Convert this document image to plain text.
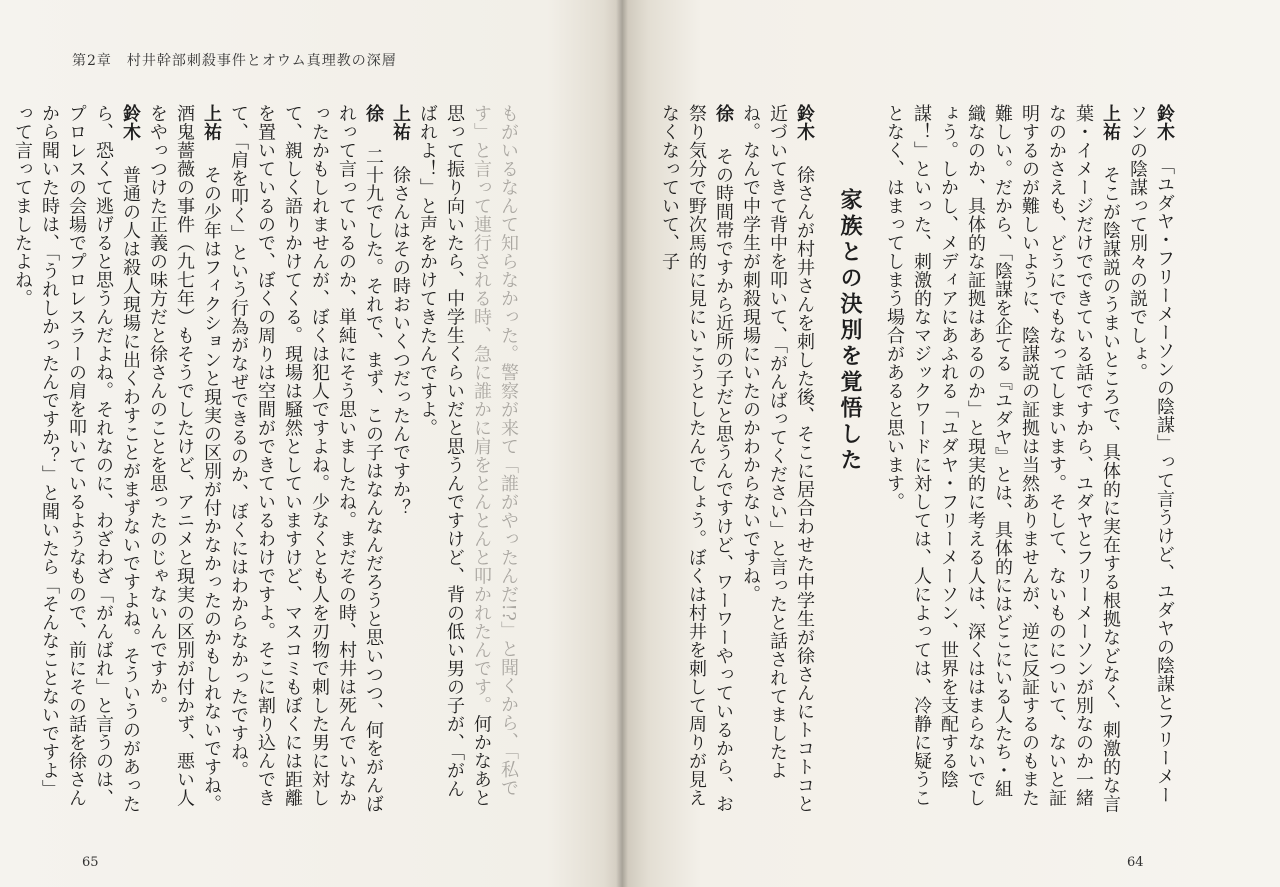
第2章　村井幹部刺殺事件とオウム真理教の深層

もがいるなんて知らなかった。警察が来て「誰がやったんだ!?」と聞くから、「私です」と言って連行される時、急に誰かに肩をとんとんと叩かれたんです。何かなあと思って振り向いたら、中学生くらいだと思うんですけど、背の低い男の子が、「がんばれよ！」と声をかけてきたんですよ。

上祐　徐さんはその時おいくつだったんですか？

徐　二十九でした。それで、まず、この子はなんなんだろうと思いつつ、何をがんばれって言っているのか、単純にそう思いましたね。まだその時、村井は死んでいなかったかもしれませんが、ぼくは犯人ですよね。少なくとも人を刃物で刺した男に対して、親しく語りかけてくる。現場は騒然としていますけど、マスコミもぼくには距離を置いているので、ぼくの周りは空間ができているわけですよ。そこに割り込んできて、「肩を叩く」という行為がなぜできるのか、ぼくにはわからなかったですね。

上祐　その少年はフィクションと現実の区別が付かなかったのかもしれないですね。酒鬼薔薇の事件（九七年）もそうでしたけど、アニメと現実の区別が付かず、悪い人をやっつけた正義の味方だと徐さんのことを思ったのじゃないんですか。

鈴木　普通の人は殺人現場に出くわすことがまずないですよね。そういうのがあったら、恐くて逃げると思うんだよね。それなのに、わざわざ「がんばれ」と言うのは、プロレスの会場でプロレスラーの肩を叩いているようなもので、前にその話を徐さんから聞いた時は、「うれしかったんですか？」と聞いたら「そんなことないですよ」って言ってましたよね。

65

鈴木　「ユダヤ・フリーメーソンの陰謀」って言うけど、ユダヤの陰謀とフリーメーソンの陰謀って別々の説でしょ。

上祐　そこが陰謀説のうまいところで、具体的に実在する根拠などなく、刺激的な言葉・イメージだけでできている話ですから、ユダヤとフリーメーソンが別なのか一緒なのかさえも、どうにでもなってしまいます。そして、ないものについて、ないと証明するのが難しいように、陰謀説の証拠は当然ありませんが、逆に反証するのもまた難しい。だから、「陰謀を企てる『ユダヤ』とは、具体的にはどこにいる人たち・組織なのか、具体的な証拠はあるのか」と現実的に考える人は、深くははまらないでしょう。しかし、メディアにあふれる「ユダヤ・フリーメーソン、世界を支配する陰謀！」といった、刺激的なマジックワードに対しては、人によっては、冷静に疑うことなく、はまってしまう場合があると思います。

家族との決別を覚悟した

鈴木　徐さんが村井さんを刺した後、そこに居合わせた中学生が徐さんにトコトコと近づいてきて背中を叩いて、「がんばってください」と言ったと話されてましたよね。なんで中学生が刺殺現場にいたのかわからないですね。

徐　その時間帯ですから近所の子だと思うんですけど、ワーワーやっているから、お祭り気分で野次馬的に見にいこうとしたんでしょう。ぼくは村井を刺して周りが見えなくなっていて、子

64
